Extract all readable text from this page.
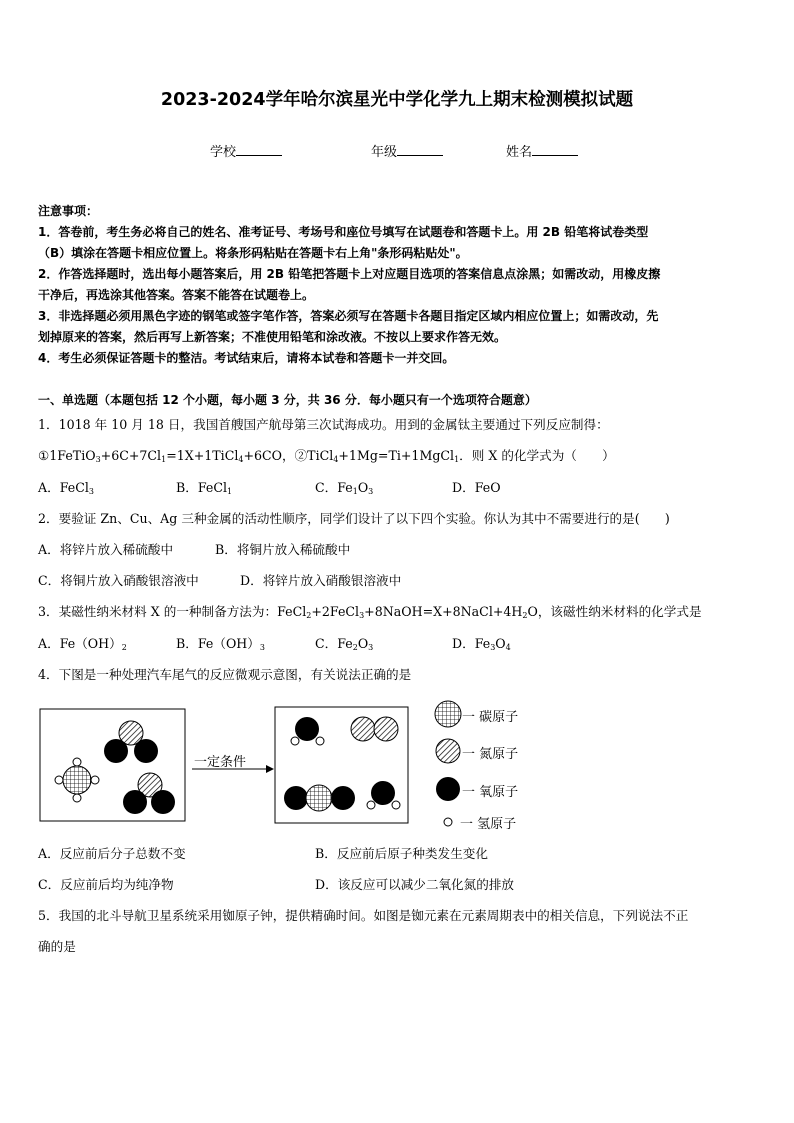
2023-2024学年哈尔滨星光中学化学九上期末检测模拟试题
学校	年级	姓名
注意事项：
1．答卷前，考生务必将自己的姓名、准考证号、考场号和座位号填写在试题卷和答题卡上。用 2B 铅笔将试卷类型
（B）填涂在答题卡相应位置上。将条形码粘贴在答题卡右上角"条形码粘贴处"。
2．作答选择题时，选出每小题答案后，用 2B 铅笔把答题卡上对应题目选项的答案信息点涂黑；如需改动，用橡皮擦
干净后，再选涂其他答案。答案不能答在试题卷上。
3．非选择题必须用黑色字迹的钢笔或签字笔作答，答案必须写在答题卡各题目指定区域内相应位置上；如需改动，先
划掉原来的答案，然后再写上新答案；不准使用铅笔和涂改液。不按以上要求作答无效。
4．考生必须保证答题卡的整洁。考试结束后，请将本试卷和答题卡一并交回。
一、单选题（本题包括 12 个小题，每小题 3 分，共 36 分．每小题只有一个选项符合题意）
1．1018 年 10 月 18 日，我国首艘国产航母第三次试海成功。用到的金属钛主要通过下列反应制得：
$①1FeTiO_3+6C+7Cl_1=1X+1TiCl_4+6CO$，②TiCl$_4$+1Mg=Ti+1MgCl$_1$．则 X 的化学式为（　　）
A．FeCl$_3$	B．FeCl$_1$	C．$Fe_1O_3$	D．FeO
2．要验证 Zn、Cu、Ag 三种金属的活动性顺序，同学们设计了以下四个实验。你认为其中不需要进行的是(　　)
A．将锌片放入稀硫酸中	B．将铜片放入稀硫酸中
C．将铜片放入硝酸银溶液中	D．将锌片放入硝酸银溶液中
3．某磁性纳米材料 X 的一种制备方法为：$FeCl_2+2FeCl_3+8NaOH=X+8NaCl+4H_2O$，该磁性纳米材料的化学式是
A．$Fe(OH)_2$	B．$Fe(OH)_3$	C．$Fe_2O_3$	D．$Fe_3O_4$
4．下图是一种处理汽车尾气的反应微观示意图，有关说法正确的是
一定条件
一 碳原子
一 氮原子
一 氧原子
一 氢原子
A．反应前后分子总数不变	B．反应前后原子种类发生变化
C．反应前后均为纯净物	D．该反应可以减少二氧化氮的排放
5．我国的北斗导航卫星系统采用铷原子钟，提供精确时间。如图是铷元素在元素周期表中的相关信息，下列说法不正
确的是
